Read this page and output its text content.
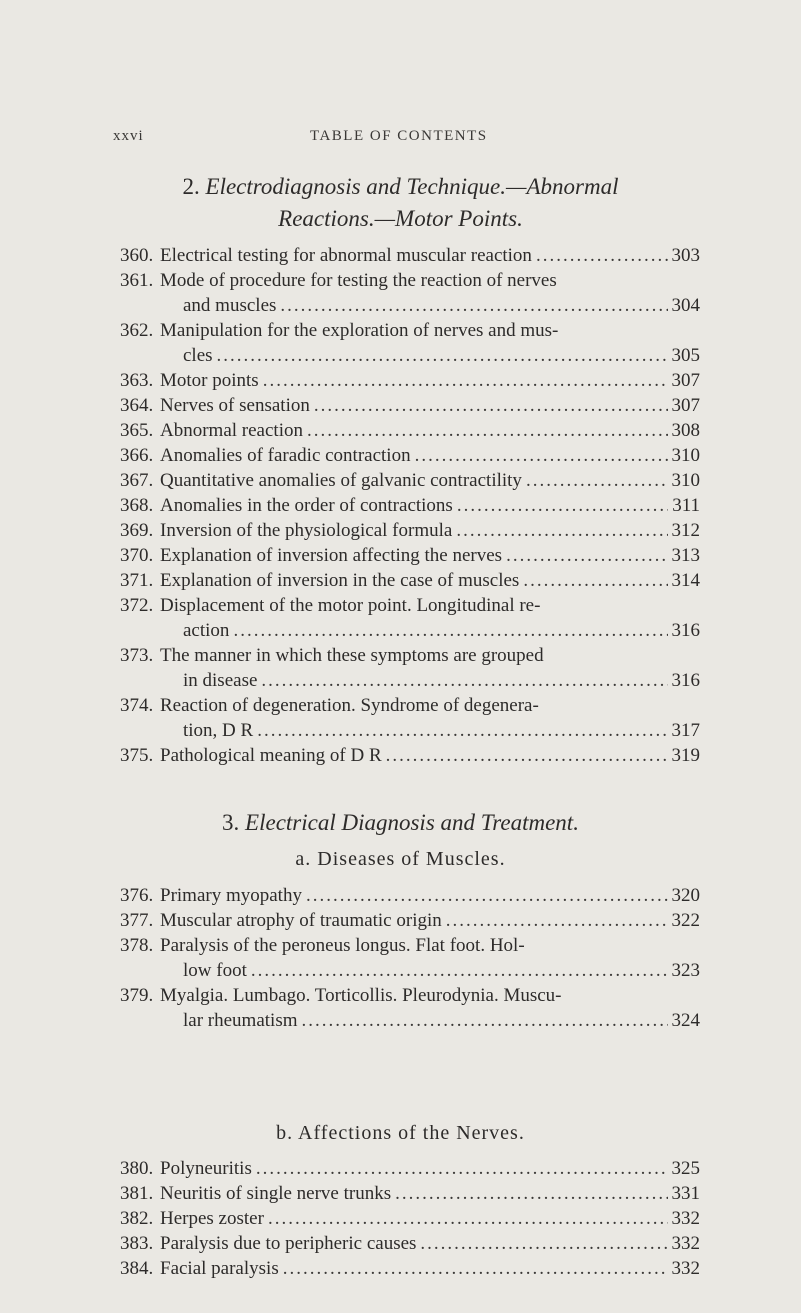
xxvi	TABLE OF CONTENTS
2. Electrodiagnosis and Technique.—Abnormal
Reactions.—Motor Points.
360. Electrical testing for abnormal muscular reaction .....	303
361. Mode of procedure for testing the reaction of nerves
and muscles .....	304
362. Manipulation for the exploration of nerves and mus-
cles .....	305
363. Motor points .....	307
364. Nerves of sensation .....	307
365. Abnormal reaction .....	308
366. Anomalies of faradic contraction .....	310
367. Quantitative anomalies of galvanic contractility .....	310
368. Anomalies in the order of contractions .....	311
369. Inversion of the physiological formula .....	312
370. Explanation of inversion affecting the nerves .....	313
371. Explanation of inversion in the case of muscles .....	314
372. Displacement of the motor point. Longitudinal re-
action .....	316
373. The manner in which these symptoms are grouped
in disease .....	316
374. Reaction of degeneration. Syndrome of degenera-
tion, D R .....	317
375. Pathological meaning of D R .....	319
3. Electrical Diagnosis and Treatment.
a. Diseases of Muscles.
376. Primary myopathy .....	320
377. Muscular atrophy of traumatic origin .....	322
378. Paralysis of the peroneus longus. Flat foot. Hol-
low foot .....	323
379. Myalgia. Lumbago. Torticollis. Pleurodynia. Muscu-
lar rheumatism .....	324
b. Affections of the Nerves.
380. Polyneuritis .....	325
381. Neuritis of single nerve trunks .....	331
382. Herpes zoster .....	332
383. Paralysis due to peripheric causes .....	332
384. Facial paralysis .....	332
